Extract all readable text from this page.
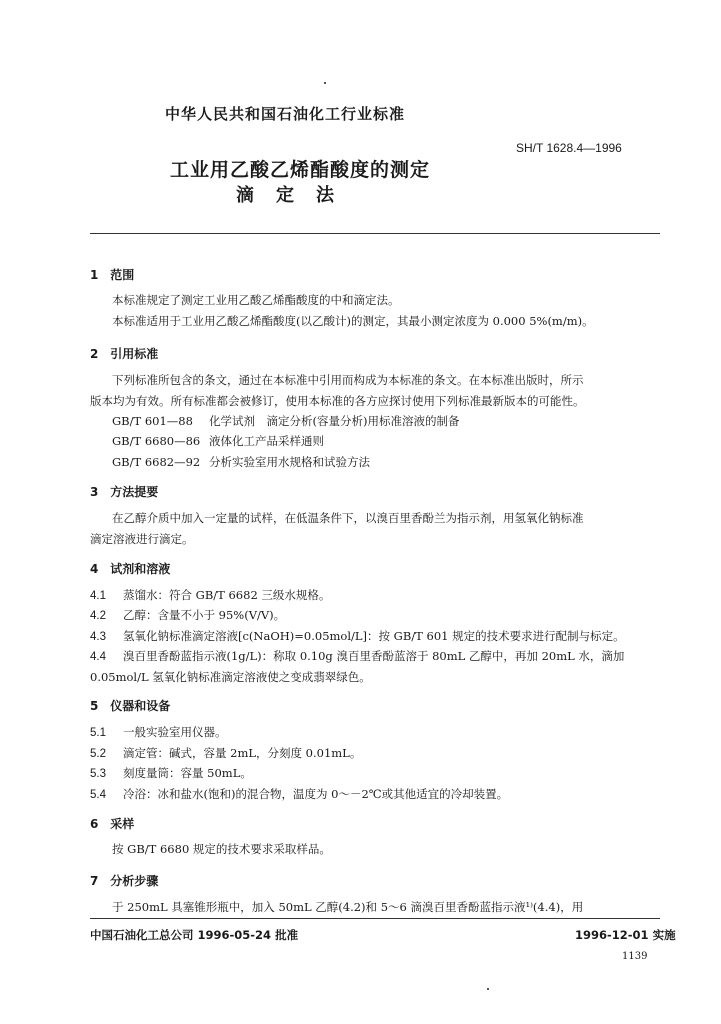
中华人民共和国石油化工行业标准
SH/T 1628.4—1996
工业用乙酸乙烯酯酸度的测定
滴定法
1 范围
本标准规定了测定工业用乙酸乙烯酯酸度的中和滴定法。
本标准适用于工业用乙酸乙烯酯酸度(以乙酸计)的测定，其最小测定浓度为 0.000 5%(m/m)。
2 引用标准
下列标准所包含的条文，通过在本标准中引用而构成为本标准的条文。在本标准出版时，所示
版本均为有效。所有标准都会被修订，使用本标准的各方应探讨使用下列标准最新版本的可能性。
GB/T 601—88 化学试剂　滴定分析(容量分析)用标准溶液的制备
GB/T 6680—86 液体化工产品采样通则
GB/T 6682—92 分析实验室用水规格和试验方法
3 方法提要
在乙醇介质中加入一定量的试样，在低温条件下，以溴百里香酚兰为指示剂，用氢氧化钠标准
滴定溶液进行滴定。
4 试剂和溶液
4.1 蒸馏水：符合 GB/T 6682 三级水规格。
4.2 乙醇：含量不小于 95%(V/V)。
4.3 氢氧化钠标准滴定溶液[c(NaOH)=0.05mol/L]：按 GB/T 601 规定的技术要求进行配制与标定。
4.4 溴百里香酚蓝指示液(1g/L)：称取 0.10g 溴百里香酚蓝溶于 80mL 乙醇中，再加 20mL 水，滴加
0.05mol/L 氢氧化钠标准滴定溶液使之变成翡翠绿色。
5 仪器和设备
5.1 一般实验室用仪器。
5.2 滴定管：碱式，容量 2mL，分刻度 0.01mL。
5.3 刻度量筒：容量 50mL。
5.4 冷浴：冰和盐水(饱和)的混合物，温度为 0～－2℃或其他适宜的冷却装置。
6 采样
按 GB/T 6680 规定的技术要求采取样品。
7 分析步骤
于 250mL 具塞锥形瓶中，加入 50mL 乙醇(4.2)和 5～6 滴溴百里香酚蓝指示液¹⁾(4.4)，用
中国石油化工总公司 1996-05-24 批准	1996-12-01 实施
1139
